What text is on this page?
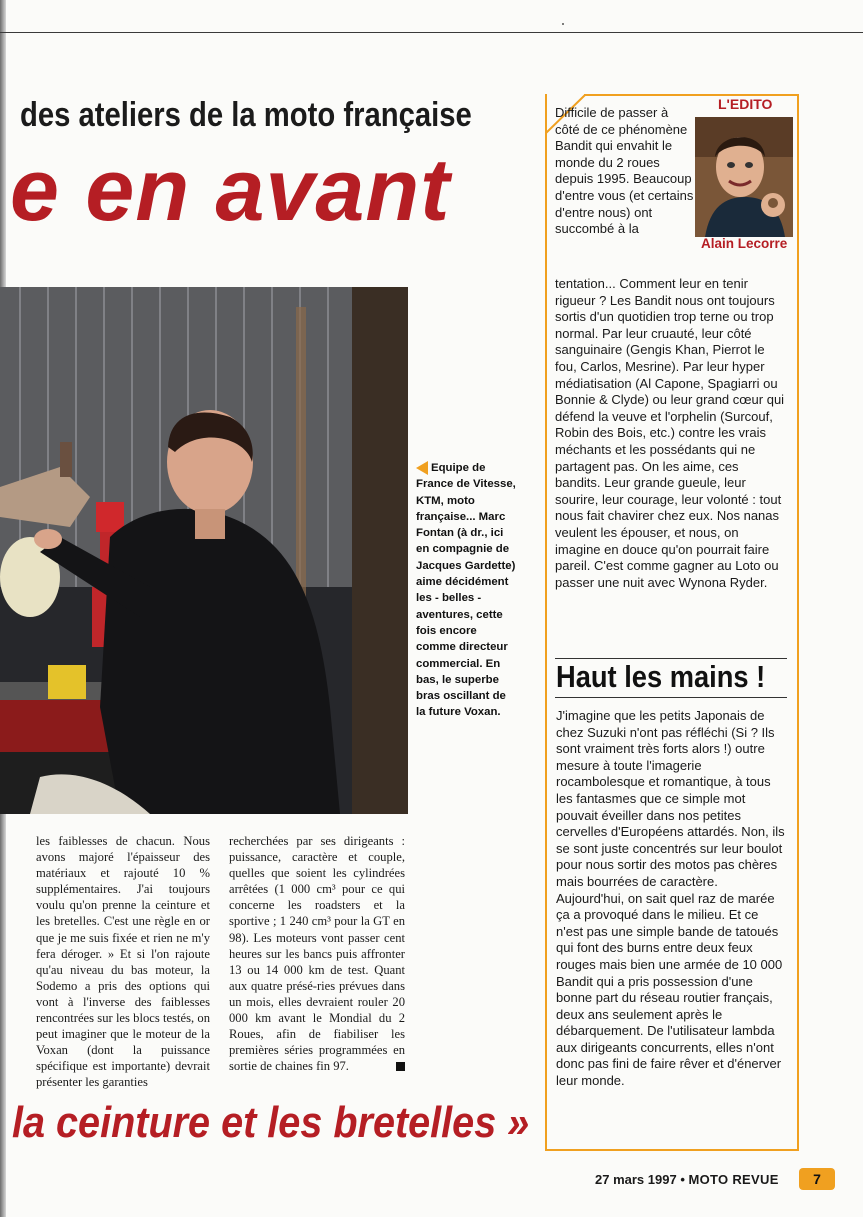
des ateliers de la moto française
e en avant
Equipe de France de Vitesse, KTM, moto française... Marc Fontan (à dr., ici en compagnie de Jacques Gardette) aime décidément les - belles - aventures, cette fois encore comme directeur commercial. En bas, le superbe bras oscillant de la future Voxan.
les faiblesses de chacun. Nous avons majoré l'épaisseur des matériaux et rajouté 10 % supplémentaires. J'ai toujours voulu qu'on prenne la ceinture et les bretelles. C'est une règle en or que je me suis fixée et rien ne m'y fera déroger. » Et si l'on rajoute qu'au niveau du bas moteur, la Sodemo a pris des options qui vont à l'inverse des faiblesses rencontrées sur les blocs testés, on peut imaginer que le moteur de la Voxan (dont la puissance spécifique est importante) devrait présenter les garanties
recherchées par ses dirigeants : puissance, caractère et couple, quelles que soient les cylindrées arrêtées (1 000 cm³ pour ce qui concerne les roadsters et la sportive ; 1 240 cm³ pour la GT en 98). Les moteurs vont passer cent heures sur les bancs puis affronter 13 ou 14 000 km de test. Quant aux quatre présé-ries prévues dans un mois, elles devraient rouler 20 000 km avant le Mondial du 2 Roues, afin de fiabiliser les premières séries programmées en sortie de chaines fin 97.
la ceinture et les bretelles »
L'EDITO
Alain Lecorre
Difficile de passer à côté de ce phénomène Bandit qui envahit le monde du 2 roues depuis 1995. Beaucoup d'entre vous (et certains d'entre nous) ont succombé à la
tentation... Comment leur en tenir rigueur ? Les Bandit nous ont toujours sortis d'un quotidien trop terne ou trop normal. Par leur cruauté, leur côté sanguinaire (Gengis Khan, Pierrot le fou, Carlos, Mesrine). Par leur hyper médiatisation (Al Capone, Spagiarri ou Bonnie & Clyde) ou leur grand cœur qui défend la veuve et l'orphelin (Surcouf, Robin des Bois, etc.) contre les vrais méchants et les possédants qui ne partagent pas. On les aime, ces bandits. Leur grande gueule, leur sourire, leur courage, leur volonté : tout nous fait chavirer chez eux. Nos nanas veulent les épouser, et nous, on imagine en douce qu'on pourrait faire pareil. C'est comme gagner au Loto ou passer une nuit avec Wynona Ryder.
Haut les mains !
J'imagine que les petits Japonais de chez Suzuki n'ont pas réfléchi (Si ? Ils sont vraiment très forts alors !) outre mesure à toute l'imagerie rocambolesque et romantique, à tous les fantasmes que ce simple mot pouvait éveiller dans nos petites cervelles d'Européens attardés. Non, ils se sont juste concentrés sur leur boulot pour nous sortir des motos pas chères mais bourrées de caractère. Aujourd'hui, on sait quel raz de marée ça a provoqué dans le milieu. Et ce n'est pas une simple bande de tatoués qui font des burns entre deux feux rouges mais bien une armée de 10 000 Bandit qui a pris possession d'une bonne part du réseau routier français, deux ans seulement après le débarquement. De l'utilisateur lambda aux dirigeants concurrents, elles n'ont donc pas fini de faire rêver et d'énerver leur monde.
27 mars 1997 • MOTO REVUE	7
